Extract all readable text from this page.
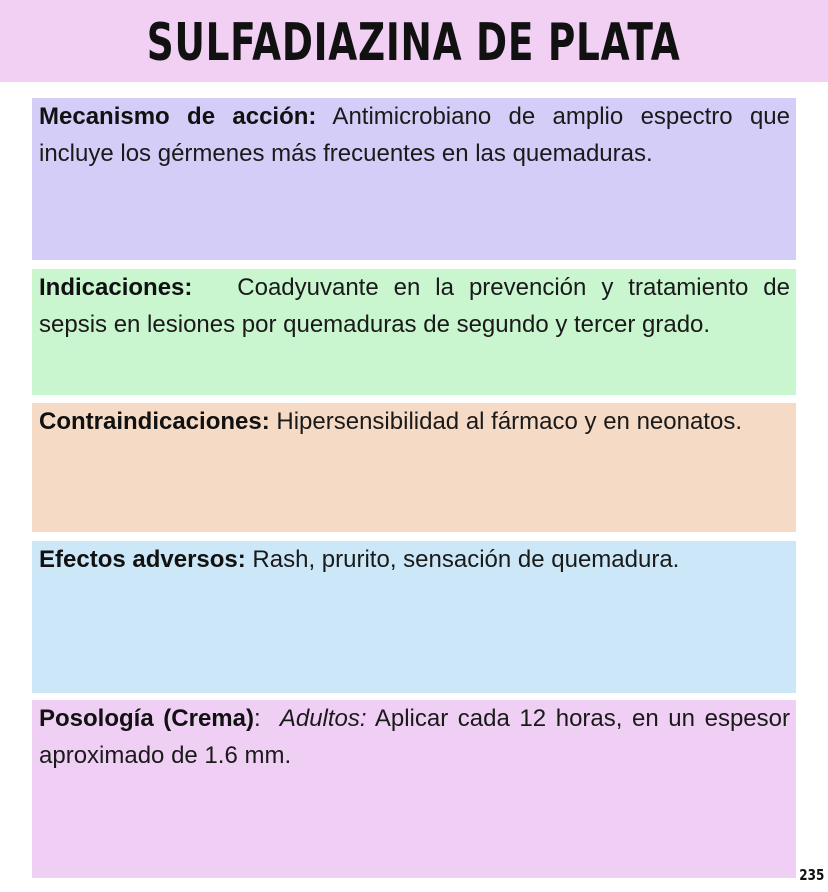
SULFADIAZINA DE PLATA
Mecanismo de acción: Antimicrobiano de amplio espectro que incluye los gérmenes más frecuentes en las quemaduras.
Indicaciones:   Coadyuvante en la prevención y tratamiento de sepsis en lesiones por quemaduras de segundo y tercer grado.
Contraindicaciones: Hipersensibilidad al fármaco y en neonatos.
Efectos adversos: Rash, prurito, sensación de quemadura.
Posología (Crema):  Adultos: Aplicar cada 12 horas, en un espesor aproximado de 1.6 mm.
235
